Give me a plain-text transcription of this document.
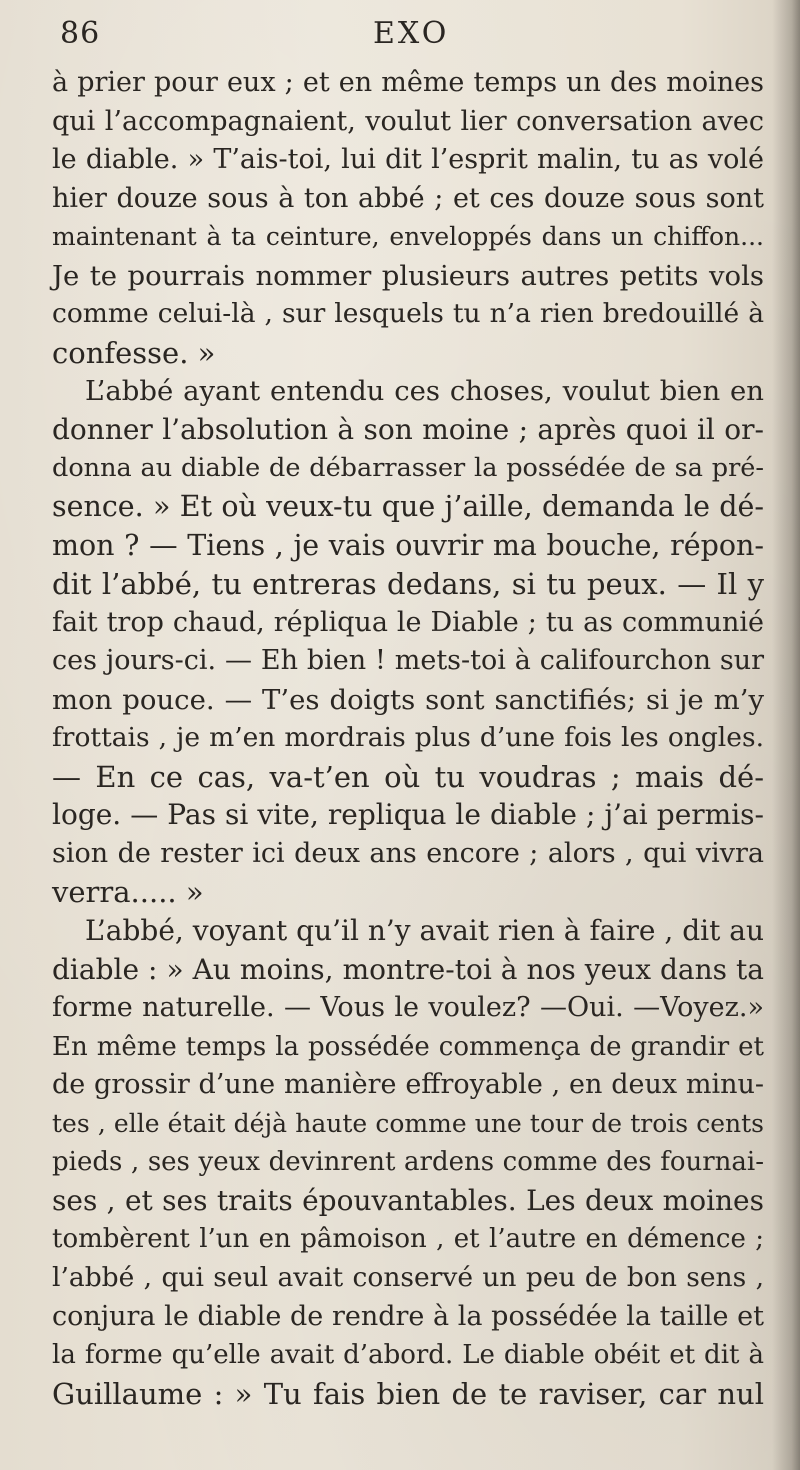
86	EXO
à prier pour eux ; et en même temps un des moines
qui l’accompagnaient, voulut lier conversation avec
le diable. » T’ais-toi, lui dit l’esprit malin, tu as volé
hier douze sous à ton abbé ; et ces douze sous sont
maintenant à ta ceinture, enveloppés dans un chiffon...
Je te pourrais nommer plusieurs autres petits vols
comme celui-là , sur lesquels tu n’a rien bredouillé à
confesse. »
L’abbé ayant entendu ces choses, voulut bien en
donner l’absolution à son moine ; après quoi il or-
donna au diable de débarrasser la possédée de sa pré-
sence. » Et où veux-tu que j’aille, demanda le dé-
mon ? — Tiens , je vais ouvrir ma bouche, répon-
dit l’abbé, tu entreras dedans, si tu peux. — Il y
fait trop chaud, répliqua le Diable ; tu as communié
ces jours-ci. — Eh bien ! mets-toi à califourchon sur
mon pouce. — T’es doigts sont sanctifiés; si je m’y
frottais , je m’en mordrais plus d’une fois les ongles.
— En ce cas, va-t’en où tu voudras ; mais dé-
loge. — Pas si vite, repliqua le diable ; j’ai permis-
sion de rester ici deux ans encore ; alors , qui vivra
verra..... »
L’abbé, voyant qu’il n’y avait rien à faire , dit au
diable : » Au moins, montre-toi à nos yeux dans ta
forme naturelle. — Vous le voulez? —Oui. —Voyez.»
En même temps la possédée commença de grandir et
de grossir d’une manière effroyable , en deux minu-
tes , elle était déjà haute comme une tour de trois cents
pieds , ses yeux devinrent ardens comme des fournai-
ses , et ses traits épouvantables. Les deux moines
tombèrent l’un en pâmoison , et l’autre en démence ;
l’abbé , qui seul avait conservé un peu de bon sens ,
conjura le diable de rendre à la possédée la taille et
la forme qu’elle avait d’abord. Le diable obéit et dit à
Guillaume : » Tu fais bien de te raviser, car nul
